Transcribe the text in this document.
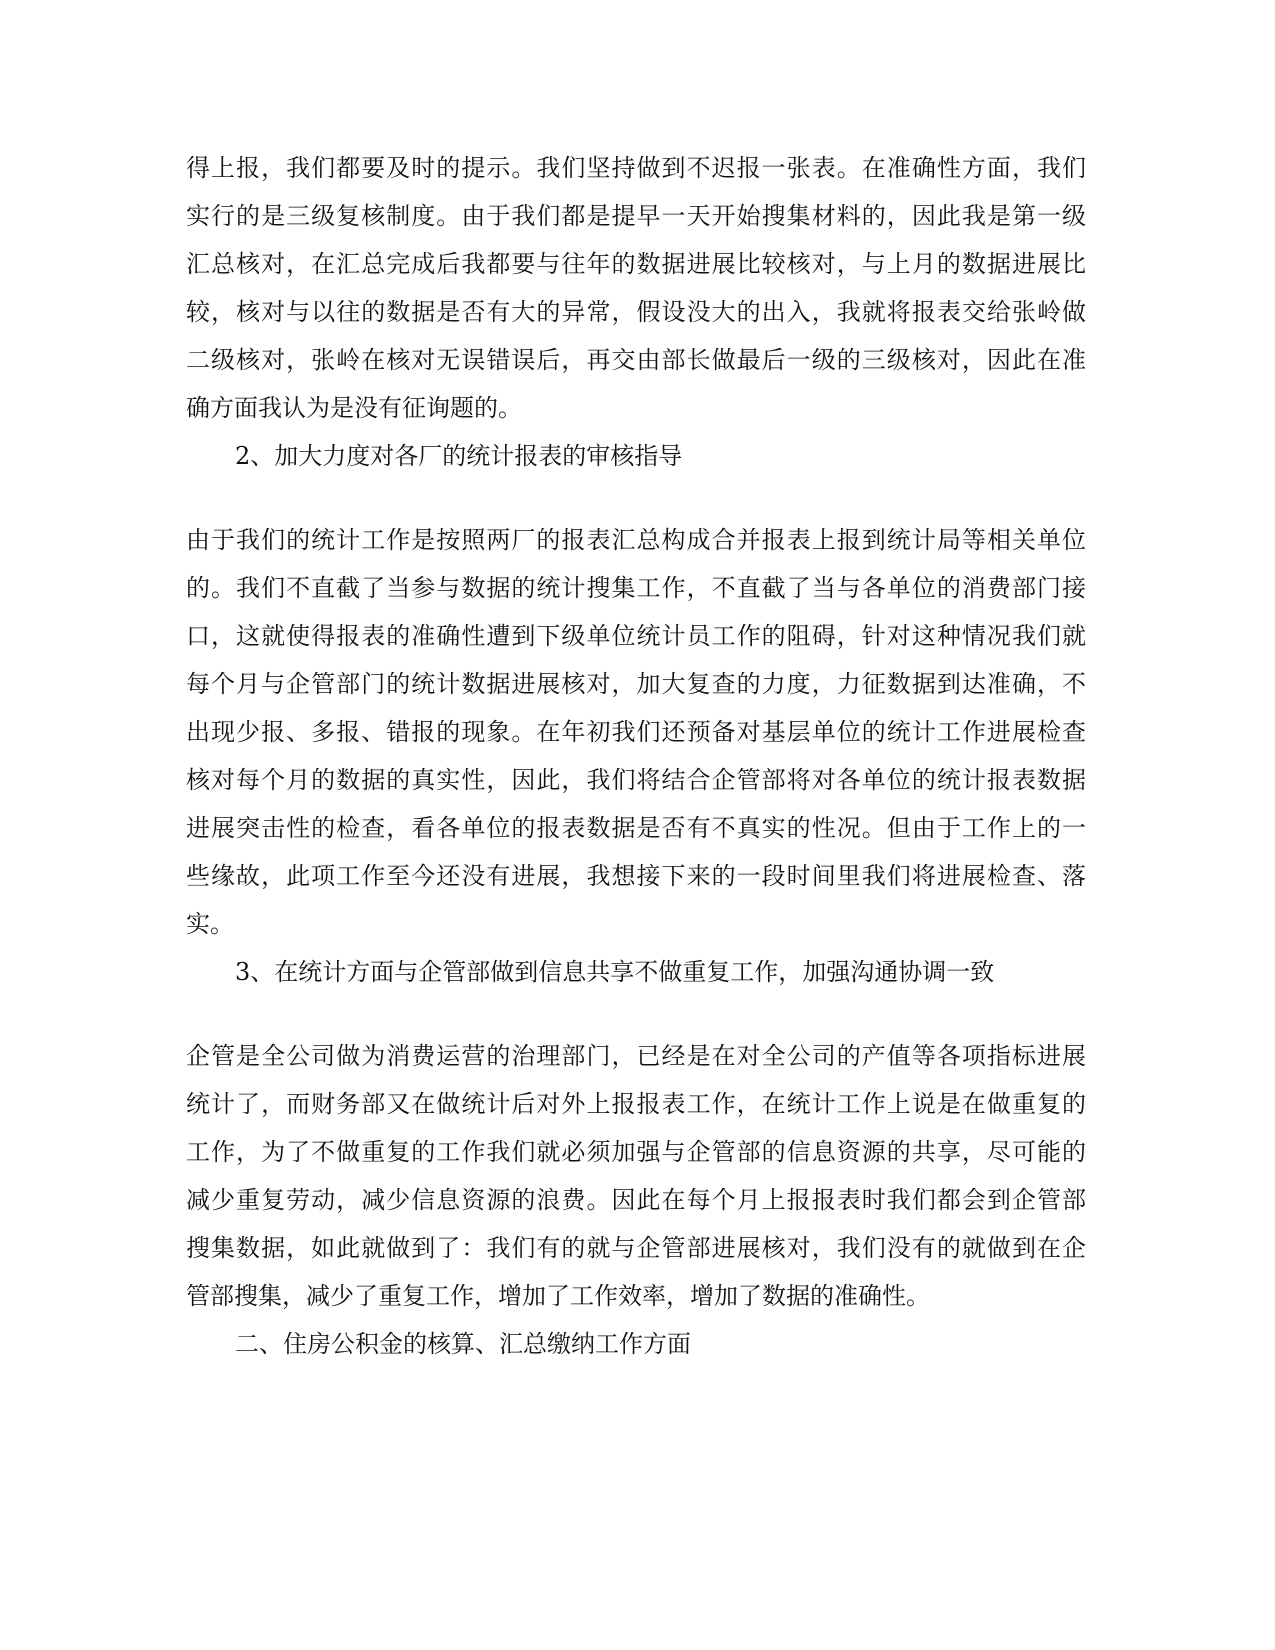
得上报，我们都要及时的提示。我们坚持做到不迟报一张表。在准确性方面，我们
实行的是三级复核制度。由于我们都是提早一天开始搜集材料的，因此我是第一级
汇总核对，在汇总完成后我都要与往年的数据进展比较核对，与上月的数据进展比
较，核对与以往的数据是否有大的异常，假设没大的出入，我就将报表交给张岭做
二级核对，张岭在核对无误错误后，再交由部长做最后一级的三级核对，因此在准
确方面我认为是没有征询题的。
2、加大力度对各厂的统计报表的审核指导
由于我们的统计工作是按照两厂的报表汇总构成合并报表上报到统计局等相关单位
的。我们不直截了当参与数据的统计搜集工作，不直截了当与各单位的消费部门接
口，这就使得报表的准确性遭到下级单位统计员工作的阻碍，针对这种情况我们就
每个月与企管部门的统计数据进展核对，加大复查的力度，力征数据到达准确，不
出现少报、多报、错报的现象。在年初我们还预备对基层单位的统计工作进展检查
核对每个月的数据的真实性，因此，我们将结合企管部将对各单位的统计报表数据
进展突击性的检查，看各单位的报表数据是否有不真实的性况。但由于工作上的一
些缘故，此项工作至今还没有进展，我想接下来的一段时间里我们将进展检查、落
实。
3、在统计方面与企管部做到信息共享不做重复工作，加强沟通协调一致
企管是全公司做为消费运营的治理部门，已经是在对全公司的产值等各项指标进展
统计了，而财务部又在做统计后对外上报报表工作，在统计工作上说是在做重复的
工作，为了不做重复的工作我们就必须加强与企管部的信息资源的共享，尽可能的
减少重复劳动，减少信息资源的浪费。因此在每个月上报报表时我们都会到企管部
搜集数据，如此就做到了：我们有的就与企管部进展核对，我们没有的就做到在企
管部搜集，减少了重复工作，增加了工作效率，增加了数据的准确性。
二、住房公积金的核算、汇总缴纳工作方面
